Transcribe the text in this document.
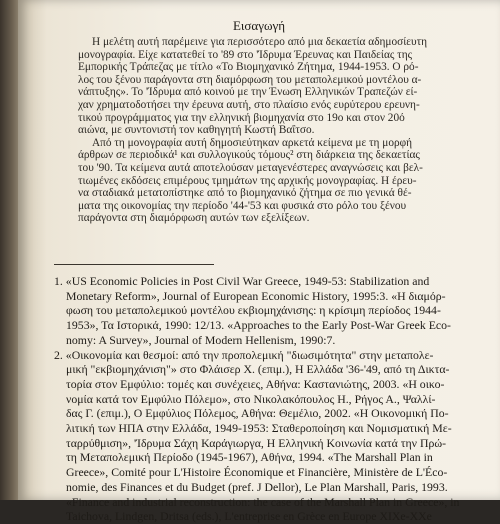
Εισαγωγή
Η μελέτη αυτή παρέμεινε για περισσότερο από μια δεκαετία αδημοσίευτη
μονογραφία. Είχε κατατεθεί το '89 στο 'Ίδρυμα Έρευνας και Παιδείας της
Εμπορικής Τράπεζας με τίτλο «Το Βιομηχανικό Ζήτημα, 1944-1953. Ο ρό-
λος του ξένου παράγοντα στη διαμόρφωση του μεταπολεμικού μοντέλου α-
νάπτυξης». Το 'Ίδρυμα από κοινού με την Ένωση Ελληνικών Τραπεζών εί-
χαν χρηματοδοτήσει την έρευνα αυτή, στο πλαίσιο ενός ευρύτερου ερευνη-
τικού προγράμματος για την ελληνική βιομηχανία στο 19ο και στον 20ό
αιώνα, με συντονιστή τον καθηγητή Κωστή Βαΐτσο.
Από τη μονογραφία αυτή δημοσιεύτηκαν αρκετά κείμενα με τη μορφή
άρθρων σε περιοδικά¹ και συλλογικούς τόμους² στη διάρκεια της δεκαετίας
του '90. Τα κείμενα αυτά αποτελούσαν μεταγενέστερες αναγνώσεις και βελ-
τιωμένες εκδόσεις επιμέρους τμημάτων της αρχικής μονογραφίας. Η έρευ-
να σταδιακά μετατοπίστηκε από το βιομηχανικό ζήτημα σε πιο γενικά θέ-
ματα της οικονομίας την περίοδο '44-'53 και φυσικά στο ρόλο του ξένου
παράγοντα στη διαμόρφωση αυτών των εξελίξεων.
1. «US Economic Policies in Post Civil War Greece, 1949-53: Stabilization and
Monetary Reform», Journal of European Economic History, 1995:3. «Η διαμόρ-
φωση του μεταπολεμικού μοντέλου εκβιομηχάνισης: η κρίσιμη περίοδος 1944-
1953», Τα Ιστορικά, 1990: 12/13. «Approaches to the Early Post-War Greek Eco-
nomy: A Survey», Journal of Modern Hellenism, 1990:7.
2. «Οικονομία και θεσμοί: από την προπολεμική "διωσιμότητα" στην μεταπολε-
μική "εκβιομηχάνιση"» στο Φλάισερ Χ. (επιμ.), Η Ελλάδα '36-'49, από τη Δικτα-
τορία στον Εμφύλιο: τομές και συνέχειες, Αθήνα: Καστανιώτης, 2003. «Η οικο-
νομία κατά τον Εμφύλιο Πόλεμο», στο Νικολακόπουλος Η., Ρήγος Α., Ψαλλί-
δας Γ. (επιμ.), Ο Εμφύλιος Πόλεμος, Αθήνα: Θεμέλιο, 2002. «Η Οικονομική Πο-
λιτική των ΗΠΑ στην Ελλάδα, 1949-1953: Σταθεροποίηση και Νομισματική Με-
ταρρύθμιση», 'Ίδρυμα Σάχη Καράγιωργα, Η Ελληνική Κοινωνία κατά την Πρώ-
τη Μεταπολεμική Περίοδο (1945-1967), Αθήνα, 1994. «The Marshall Plan in
Greece», Comité pour L'Histoire Économique et Financière, Ministère de L'Éco-
nomie, des Finances et du Budget (pref. J Dellor), Le Plan Marshall, Paris, 1993.
«Finance and industrial reconstruction: the case of the Marshall Plan in Greece», in
Taichova, Lindgen, Dritsa (eds.), L'entreprise en Grèce en Europe XIXe-XXe
